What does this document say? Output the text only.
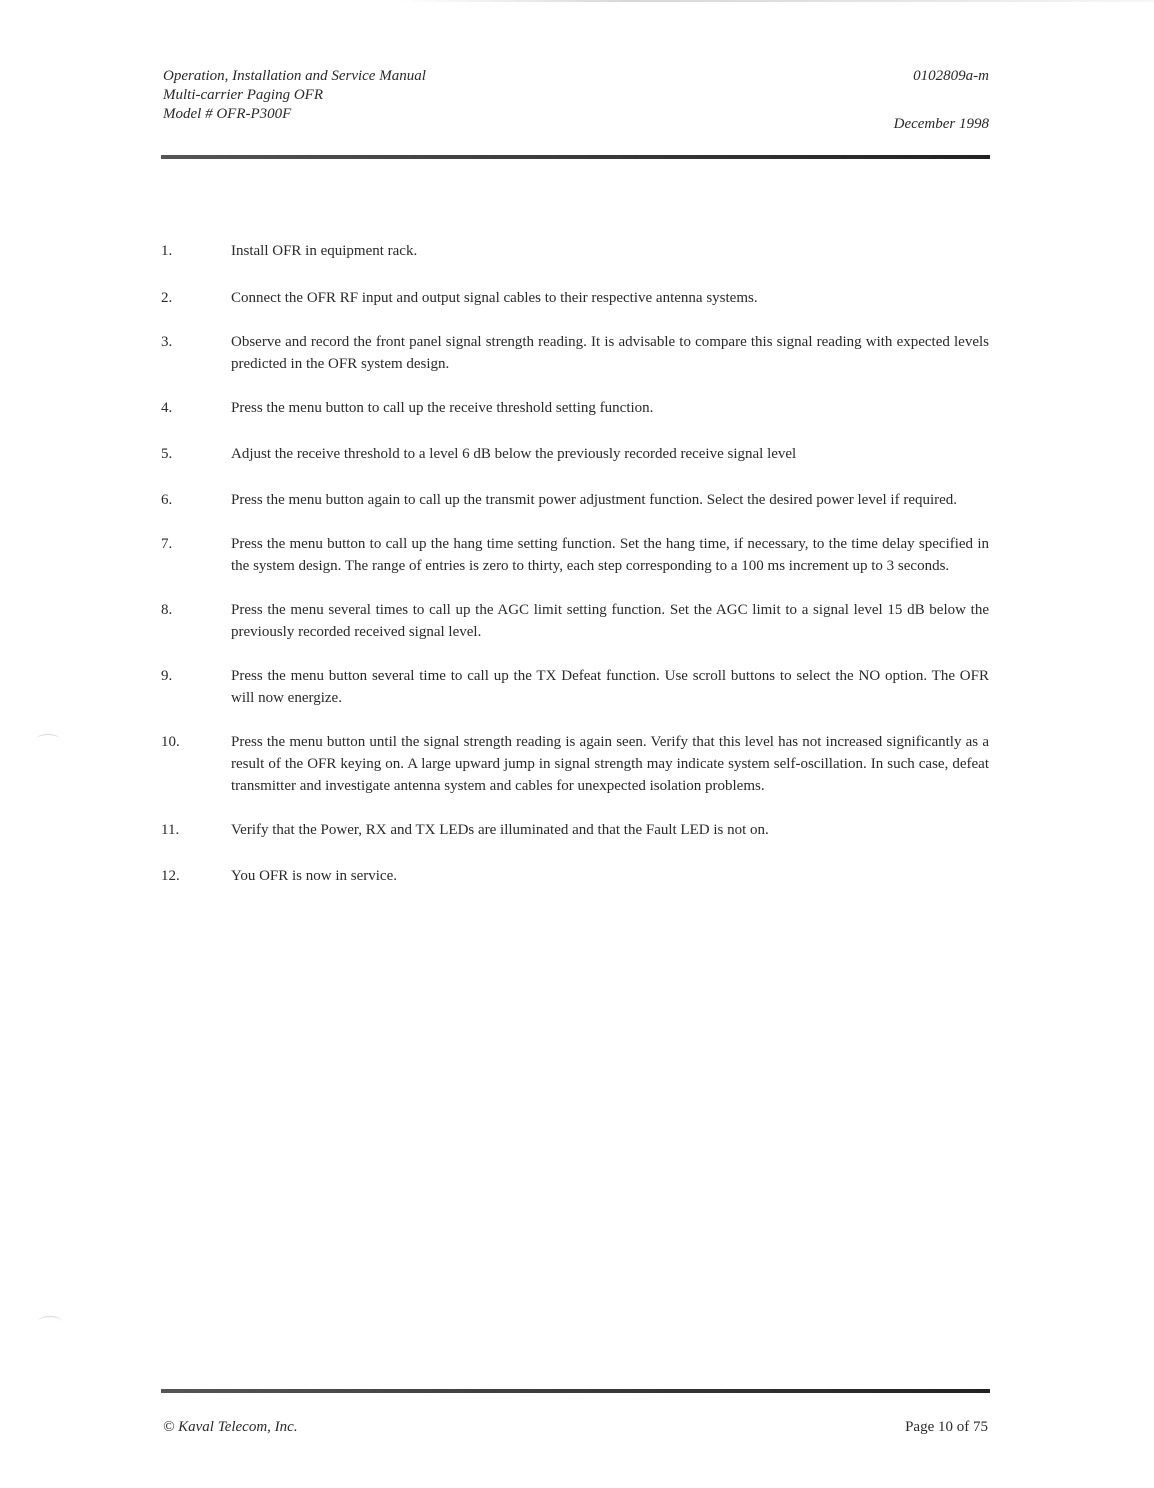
Operation, Installation and Service Manual
Multi-carrier Paging OFR
Model # OFR-P300F
0102809a-m
December 1998
1.	Install OFR in equipment rack.
2.	Connect the OFR RF input and output signal cables to their respective antenna systems.
3.	Observe and record the front panel signal strength reading. It is advisable to compare this signal reading with expected levels predicted in the OFR system design.
4.	Press the menu button to call up the receive threshold setting function.
5.	Adjust the receive threshold to a level 6 dB below the previously recorded receive signal level
6.	Press the menu button again to call up the transmit power adjustment function. Select the desired power level if required.
7.	Press the menu button to call up the hang time setting function. Set the hang time, if necessary, to the time delay specified in the system design. The range of entries is zero to thirty, each step corresponding to a 100 ms increment up to 3 seconds.
8.	Press the menu several times to call up the AGC limit setting function. Set the AGC limit to a signal level 15 dB below the previously recorded received signal level.
9.	Press the menu button several time to call up the TX Defeat function. Use scroll buttons to select the NO option. The OFR will now energize.
10.	Press the menu button until the signal strength reading is again seen. Verify that this level has not increased significantly as a result of the OFR keying on. A large upward jump in signal strength may indicate system self-oscillation. In such case, defeat transmitter and investigate antenna system and cables for unexpected isolation problems.
11.	Verify that the Power, RX and TX LEDs are illuminated and that the Fault LED is not on.
12.	You OFR is now in service.
© Kaval Telecom, Inc.	Page 10 of 75
